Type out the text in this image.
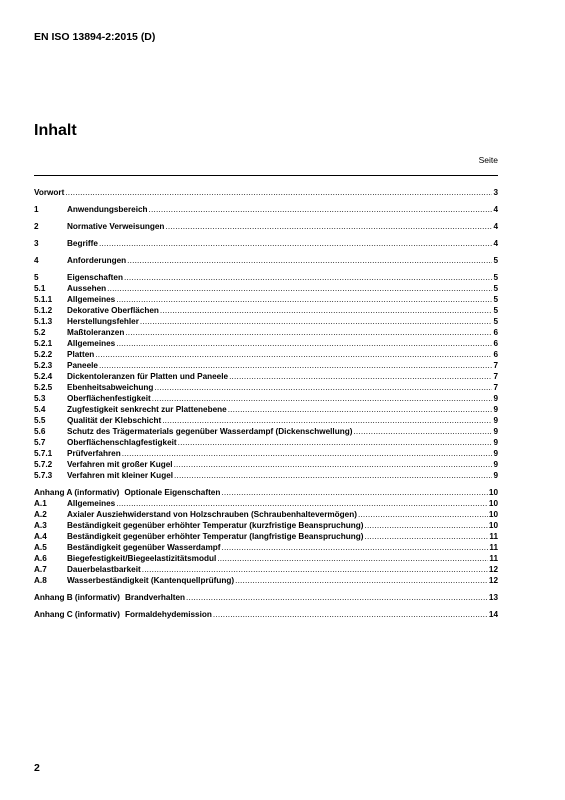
EN ISO 13894-2:2015 (D)
Inhalt
Seite
Vorwort .....	3
1	Anwendungsbereich .....	4
2	Normative Verweisungen .....	4
3	Begriffe .....	4
4	Anforderungen .....	5
5	Eigenschaften .....	5
5.1	Aussehen .....	5
5.1.1	Allgemeines .....	5
5.1.2	Dekorative Oberflächen .....	5
5.1.3	Herstellungsfehler .....	5
5.2	Maßtoleranzen .....	6
5.2.1	Allgemeines .....	6
5.2.2	Platten .....	6
5.2.3	Paneele .....	7
5.2.4	Dickentoleranzen für Platten und Paneele .....	7
5.2.5	Ebenheitsabweichung .....	7
5.3	Oberflächenfestigkeit .....	9
5.4	Zugfestigkeit senkrecht zur Plattenebene .....	9
5.5	Qualität der Klebschicht .....	9
5.6	Schutz des Trägermaterials gegenüber Wasserdampf (Dickenschwellung) .....	9
5.7	Oberflächenschlagfestigkeit .....	9
5.7.1	Prüfverfahren .....	9
5.7.2	Verfahren mit großer Kugel .....	9
5.7.3	Verfahren mit kleiner Kugel .....	9
Anhang A (informativ) Optionale Eigenschaften .....	10
A.1	Allgemeines .....	10
A.2	Axialer Ausziehwiderstand von Holzschrauben (Schraubenhaltevermögen) .....	10
A.3	Beständigkeit gegenüber erhöhter Temperatur (kurzfristige Beanspruchung) .....	10
A.4	Beständigkeit gegenüber erhöhter Temperatur (langfristige Beanspruchung) .....	11
A.5	Beständigkeit gegenüber Wasserdampf .....	11
A.6	Biegefestigkeit/Biegeelastizitätsmodul .....	11
A.7	Dauerbelastbarkeit .....	12
A.8	Wasserbeständigkeit (Kantenquellprüfung) .....	12
Anhang B (informativ) Brandverhalten .....	13
Anhang C (informativ) Formaldehydemission .....	14
2
